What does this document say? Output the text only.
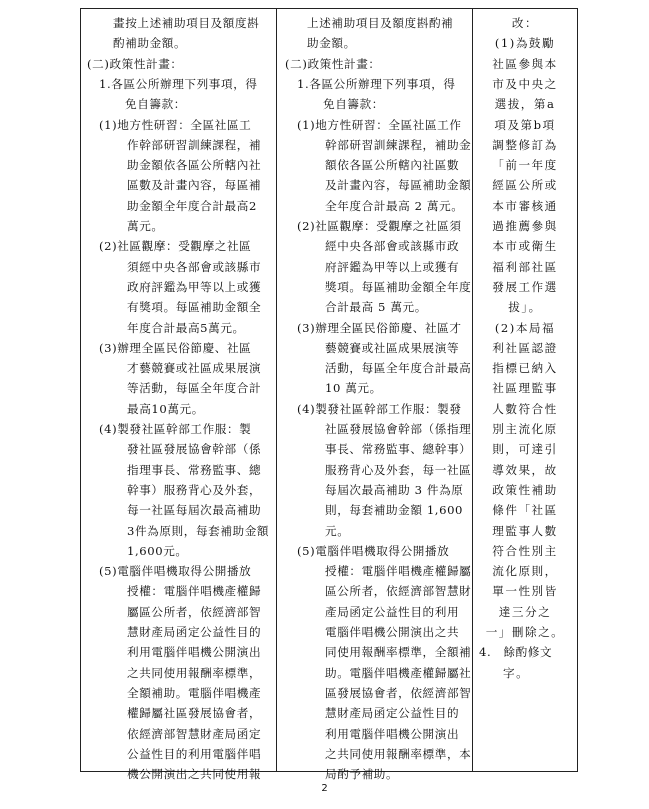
畫按上述補助項目及額度斟
酌補助金額。
(二)政策性計畫：
1.各區公所辦理下列事項，得
免自籌款：
(1)地方性研習：全區社區工
作幹部研習訓練課程，補
助金額依各區公所轄內社
區數及計畫內容，每區補
助金額全年度合計最高2
萬元。
(2)社區觀摩：受觀摩之社區
須經中央各部會或該縣市
政府評鑑為甲等以上或獲
有獎項。每區補助金額全
年度合計最高5萬元。
(3)辦理全區民俗節慶、社區
才藝競賽或社區成果展演
等活動，每區全年度合計
最高10萬元。
(4)製發社區幹部工作服：製
發社區發展協會幹部（係
指理事長、常務監事、總
幹事）服務背心及外套，
每一社區每屆次最高補助
3件為原則，每套補助金額
1,600元。
(5)電腦伴唱機取得公開播放
授權：電腦伴唱機產權歸
屬區公所者，依經濟部智
慧財產局函定公益性目的
利用電腦伴唱機公開演出
之共同使用報酬率標準，
全額補助。電腦伴唱機產
權歸屬社區發展協會者，
依經濟部智慧財產局函定
公益性目的利用電腦伴唱
機公開演出之共同使用報

上述補助項目及額度斟酌補
助金額。
(二)政策性計畫：
1.各區公所辦理下列事項，得
免自籌款：
(1)地方性研習：全區社區工作
幹部研習訓練課程，補助金
額依各區公所轄內社區數
及計畫內容，每區補助金額
全年度合計最高 2 萬元。
(2)社區觀摩：受觀摩之社區須
經中央各部會或該縣市政
府評鑑為甲等以上或獲有
獎項。每區補助金額全年度
合計最高 5 萬元。
(3)辦理全區民俗節慶、社區才
藝競賽或社區成果展演等
活動，每區全年度合計最高
10 萬元。
(4)製發社區幹部工作服：製發
社區發展協會幹部（係指理
事長、常務監事、總幹事）
服務背心及外套，每一社區
每屆次最高補助 3 件為原
則，每套補助金額 1,600
元。
(5)電腦伴唱機取得公開播放
授權：電腦伴唱機產權歸屬
區公所者，依經濟部智慧財
產局函定公益性目的利用
電腦伴唱機公開演出之共
同使用報酬率標準，全額補
助。電腦伴唱機產權歸屬社
區發展協會者，依經濟部智
慧財產局函定公益性目的
利用電腦伴唱機公開演出
之共同使用報酬率標準，本
局酌予補助。

改：
(1)為鼓勵
社區參與本
市及中央之
選拔，第a
項及第b項
調整修訂為
「前一年度
經區公所或
本市審核通
過推薦參與
本市或衛生
福利部社區
發展工作選
拔」。
(2)本局福
利社區認證
指標已納入
社區理監事
人數符合性
別主流化原
則，可達引
導效果，故
政策性補助
條件「社區
理監事人數
符合性別主
流化原則，
單一性別皆
達三分之
一」刪除之。
4.　餘酌修文
字。
2
